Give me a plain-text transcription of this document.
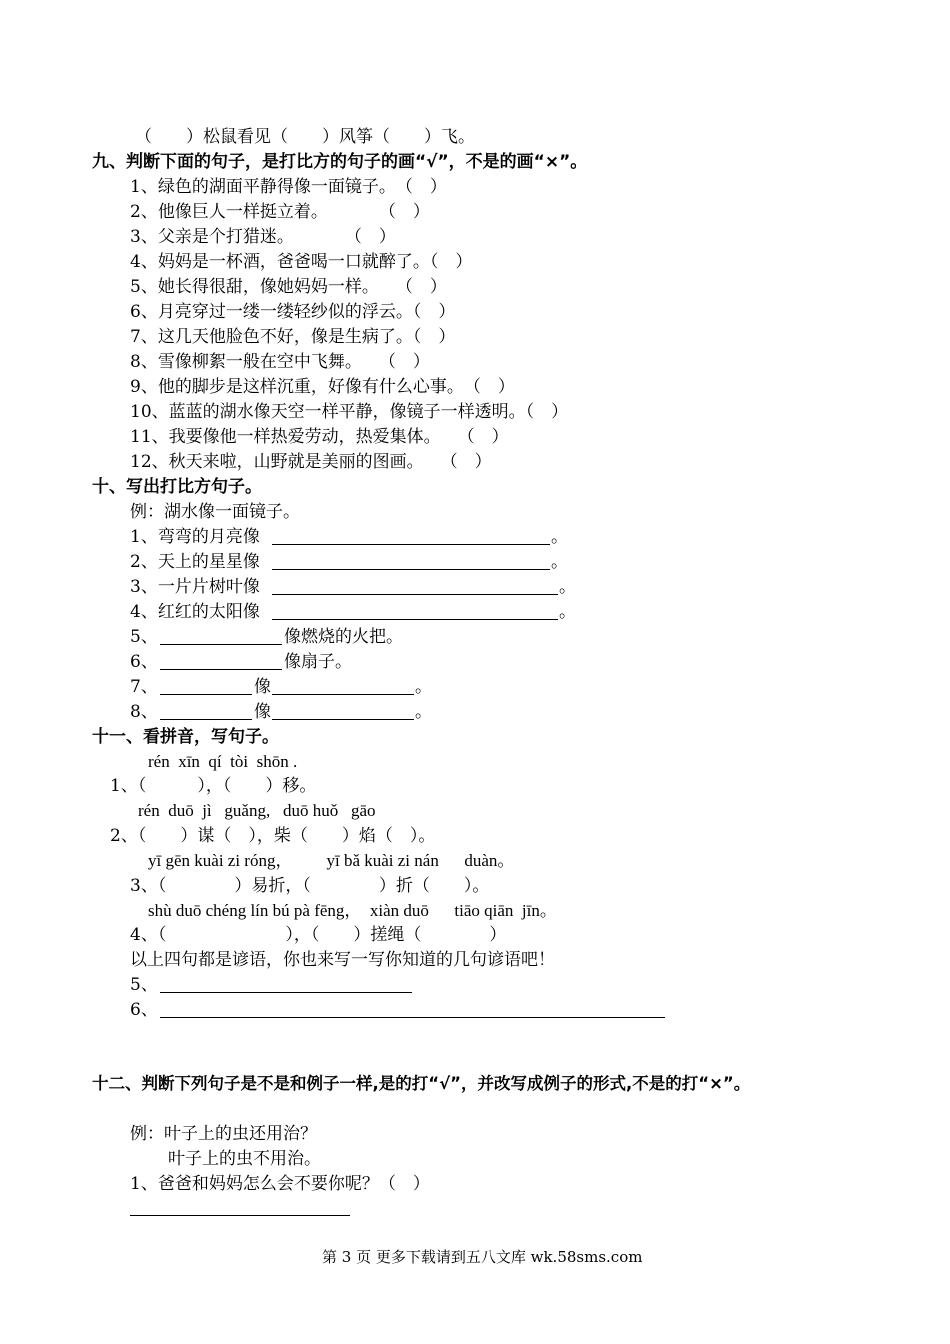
（　　）松鼠看见（　　）风筝（　　）飞。
九、判断下面的句子，是打比方的句子的画“√”，不是的画“×”。
1、绿色的湖面平静得像一面镜子。　（　）
2、他像巨人一样挺立着。　　　　（　）
3、父亲是个打猎迷。　　　　（　）
4、妈妈是一杯酒，爸爸喝一口就醉了。（　）
5、她长得很甜，像她妈妈一样。　　（　）
6、月亮穿过一缕一缕轻纱似的浮云。（　）
7、这几天他脸色不好，像是生病了。（　）
8、雪像柳絮一般在空中飞舞。　　（　）
9、他的脚步是这样沉重，好像有什么心事。　（　）
10、蓝蓝的湖水像天空一样平静，像镜子一样透明。（　）
11、我要像他一样热爱劳动，热爱集体。　　（　）
12、秋天来啦，山野就是美丽的图画。　　（　）
十、写出打比方句子。
例：湖水像一面镜子。
1、弯弯的月亮像	。
2、天上的星星像	。
3、一片片树叶像	。
4、红红的太阳像	。
5、	像燃烧的火把。
6、	像扇子。
7、	像	。
8、	像	。
十一、看拼音，写句子。
rén  xīn  qí  tòi  shōn .
1、（　　　），（　　）移。
rén  duō  jì   guǎng,   duō huǒ   gāo
2、（　　）谋（　），柴（　　）焰（　）。
yī gēn kuài zi róng，        yī bǎ kuài zi nán      duàn。
3、（　　　　）易折，（　　　　）折（　　）。
shù duō chéng lín bú pà fēng，  xiàn duō      tiāo qiān  jīn。
4、（　　　　　　　），（　　）搓绳（　　　　）
以上四句都是谚语，你也来写一写你知道的几句谚语吧！
5、
6、
十二、判断下列句子是不是和例子一样,是的打“√”，并改写成例子的形式,不是的打“×”。
例：叶子上的虫还用治？
叶子上的虫不用治。
1、爸爸和妈妈怎么会不要你呢？（　）
第 3 页 更多下载请到五八文库 wk.58sms.com
